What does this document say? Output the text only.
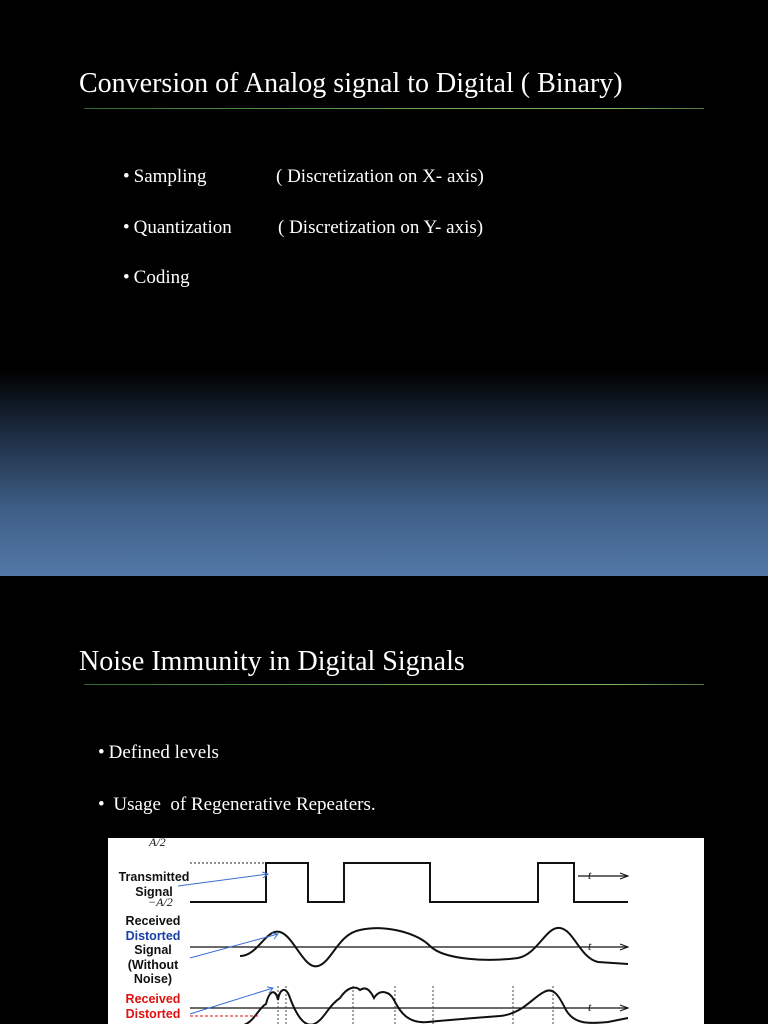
Conversion of Analog signal to Digital ( Binary)
• Sampling	( Discretization on X- axis)
• Quantization ( Discretization on Y- axis)
• Coding
Noise Immunity in Digital Signals
• Defined levels
• Usage  of Regenerative Repeaters.
A/2
Transmitted
Signal
−A/2
Received
Distorted
Signal
(Without
Noise)
Received
Distorted
t
t
t
